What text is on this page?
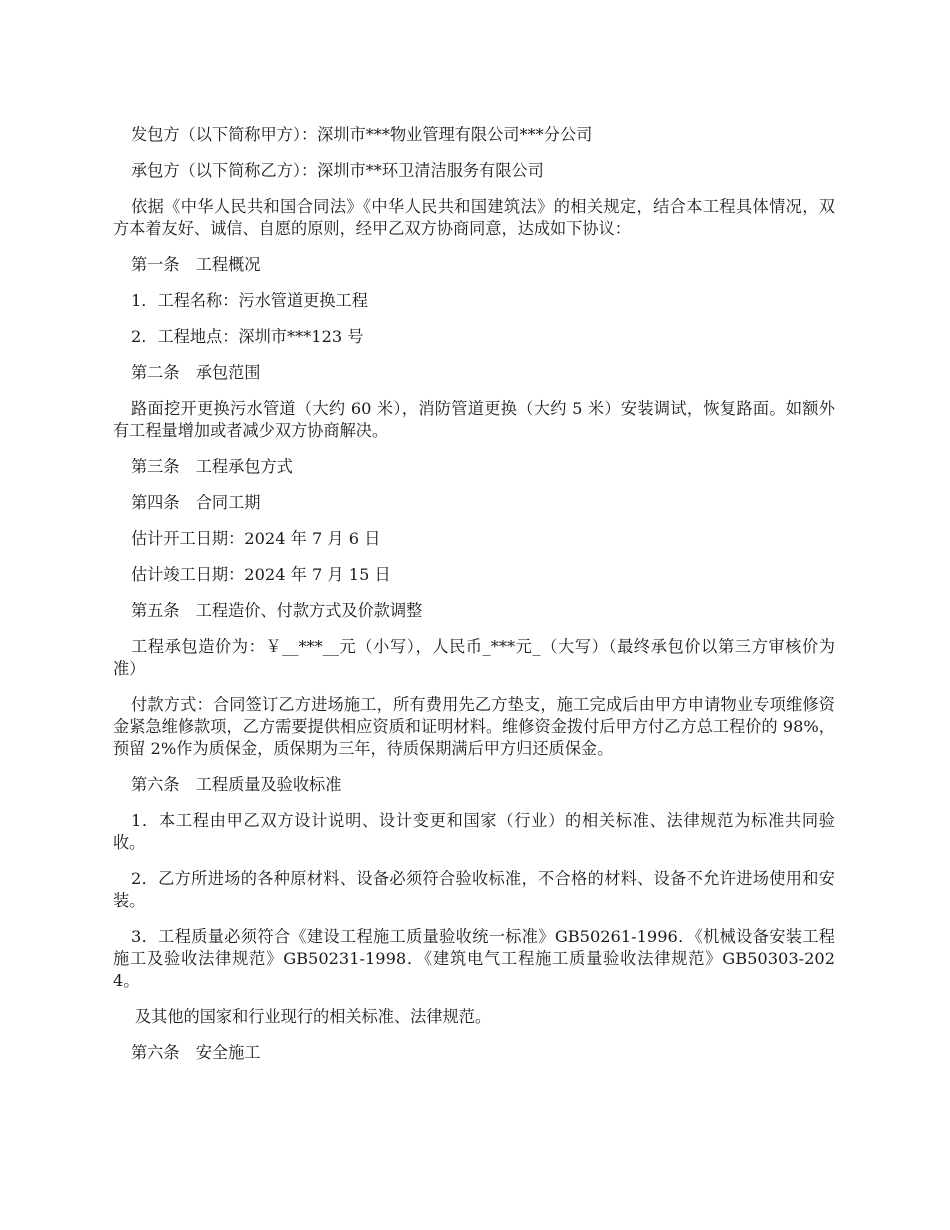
发包方（以下简称甲方）：深圳市***物业管理有限公司***分公司

承包方（以下简称乙方）：深圳市**环卫清洁服务有限公司

依据《中华人民共和国合同法》《中华人民共和国建筑法》的相关规定，结合本工程具体情况，双方本着友好、诚信、自愿的原则，经甲乙双方协商同意，达成如下协议：

第一条　工程概况

1．工程名称：污水管道更换工程

2．工程地点：深圳市***123 号

第二条　承包范围

路面挖开更换污水管道（大约 60 米），消防管道更换（大约 5 米）安装调试，恢复路面。如额外有工程量增加或者减少双方协商解决。

第三条　工程承包方式

第四条　合同工期

估计开工日期：2024 年 7 月 6 日

估计竣工日期：2024 年 7 月 15 日

第五条　工程造价、付款方式及价款调整

工程承包造价为：￥__***__元（小写），人民币_***元_（大写）（最终承包价以第三方审核价为准）

付款方式：合同签订乙方进场施工，所有费用先乙方垫支，施工完成后由甲方申请物业专项维修资金紧急维修款项，乙方需要提供相应资质和证明材料。维修资金拨付后甲方付乙方总工程价的 98%，预留 2%作为质保金，质保期为三年，待质保期满后甲方归还质保金。

第六条　工程质量及验收标准

1．本工程由甲乙双方设计说明、设计变更和国家（行业）的相关标准、法律规范为标准共同验收。

2．乙方所进场的各种原材料、设备必须符合验收标准，不合格的材料、设备不允许进场使用和安装。

3．工程质量必须符合《建设工程施工质量验收统一标准》GB50261-1996．《机械设备安装工程施工及验收法律规范》GB50231-1998．《建筑电气工程施工质量验收法律规范》GB50303-2024。

及其他的国家和行业现行的相关标准、法律规范。

第六条　安全施工
